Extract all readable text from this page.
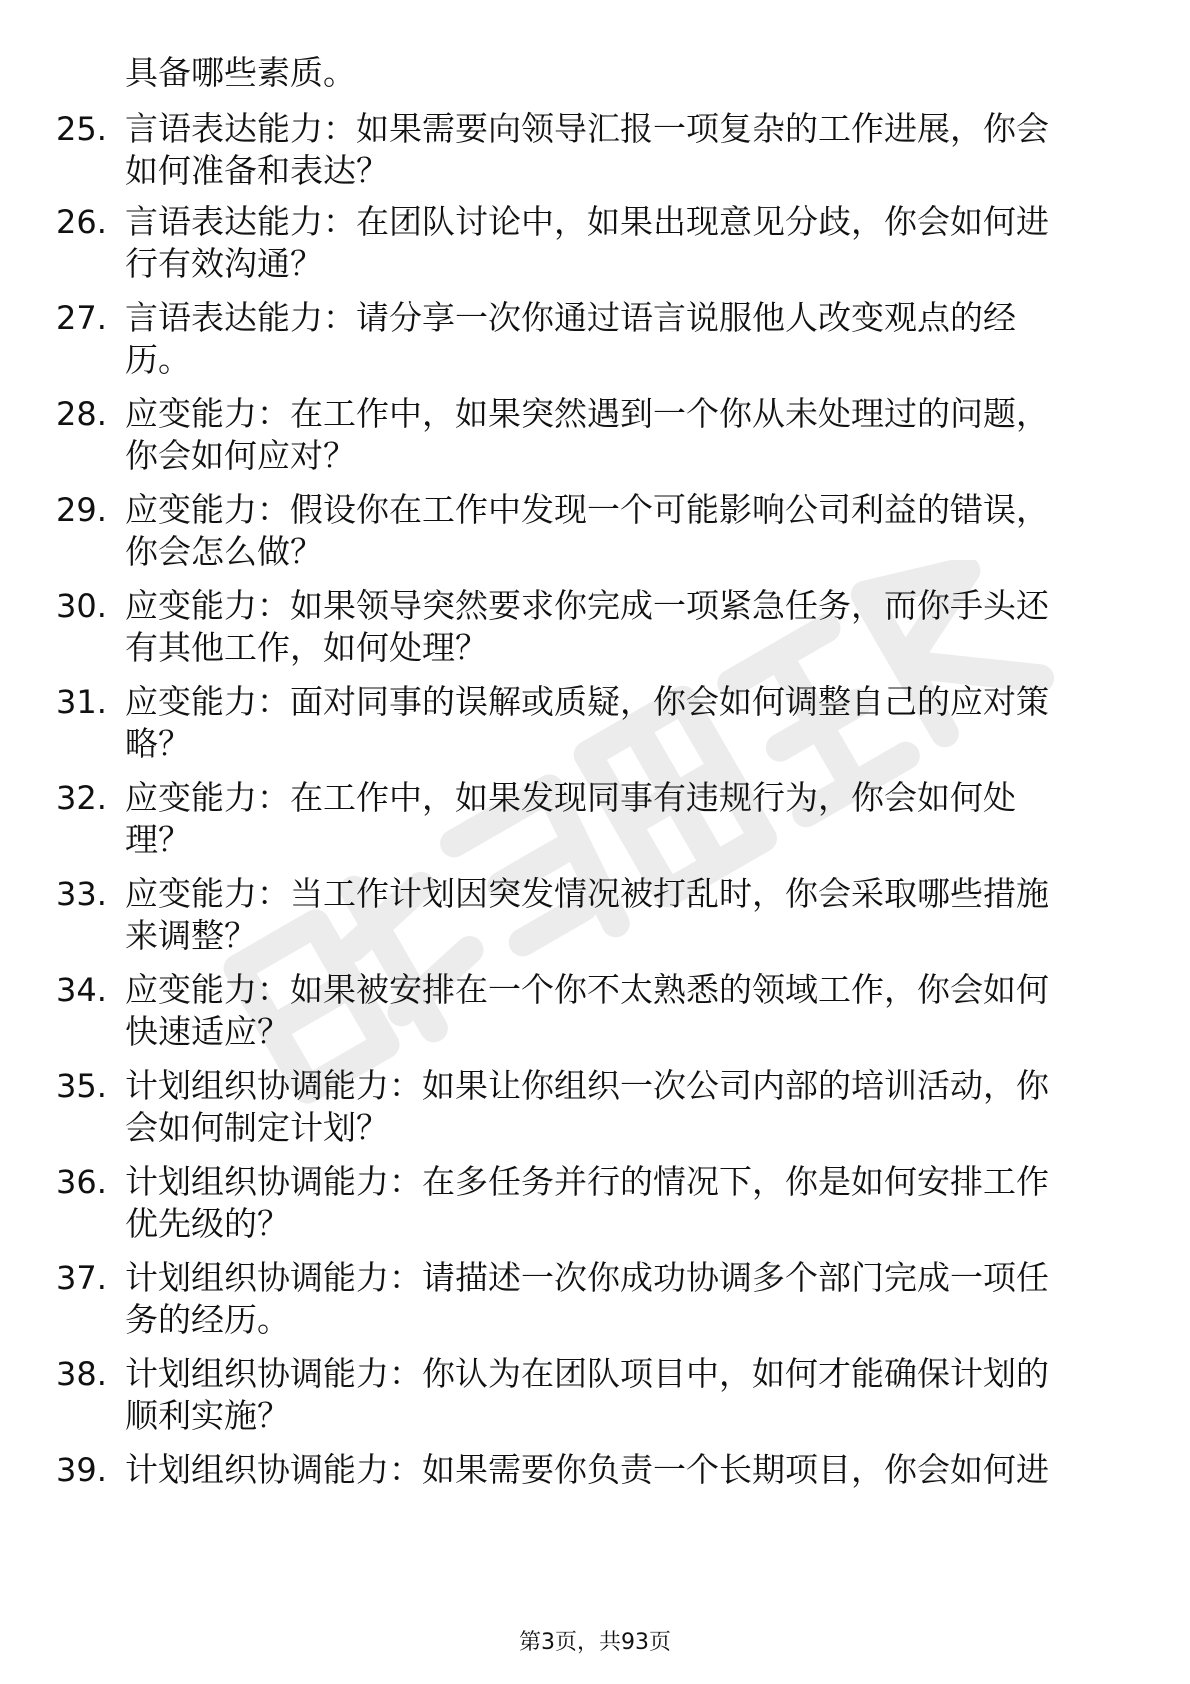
具备哪些素质。
25. 言语表达能力：如果需要向领导汇报一项复杂的工作进展，你会
如何准备和表达？
26. 言语表达能力：在团队讨论中，如果出现意见分歧，你会如何进
行有效沟通？
27. 言语表达能力：请分享一次你通过语言说服他人改变观点的经
历。
28. 应变能力：在工作中，如果突然遇到一个你从未处理过的问题，
你会如何应对？
29. 应变能力：假设你在工作中发现一个可能影响公司利益的错误，
你会怎么做？
30. 应变能力：如果领导突然要求你完成一项紧急任务，而你手头还
有其他工作，如何处理？
31. 应变能力：面对同事的误解或质疑，你会如何调整自己的应对策
略？
32. 应变能力：在工作中，如果发现同事有违规行为，你会如何处
理？
33. 应变能力：当工作计划因突发情况被打乱时，你会采取哪些措施
来调整？
34. 应变能力：如果被安排在一个你不太熟悉的领域工作，你会如何
快速适应？
35. 计划组织协调能力：如果让你组织一次公司内部的培训活动，你
会如何制定计划？
36. 计划组织协调能力：在多任务并行的情况下，你是如何安排工作
优先级的？
37. 计划组织协调能力：请描述一次你成功协调多个部门完成一项任
务的经历。
38. 计划组织协调能力：你认为在团队项目中，如何才能确保计划的
顺利实施？
39. 计划组织协调能力：如果需要你负责一个长期项目，你会如何进
第3页，共93页
